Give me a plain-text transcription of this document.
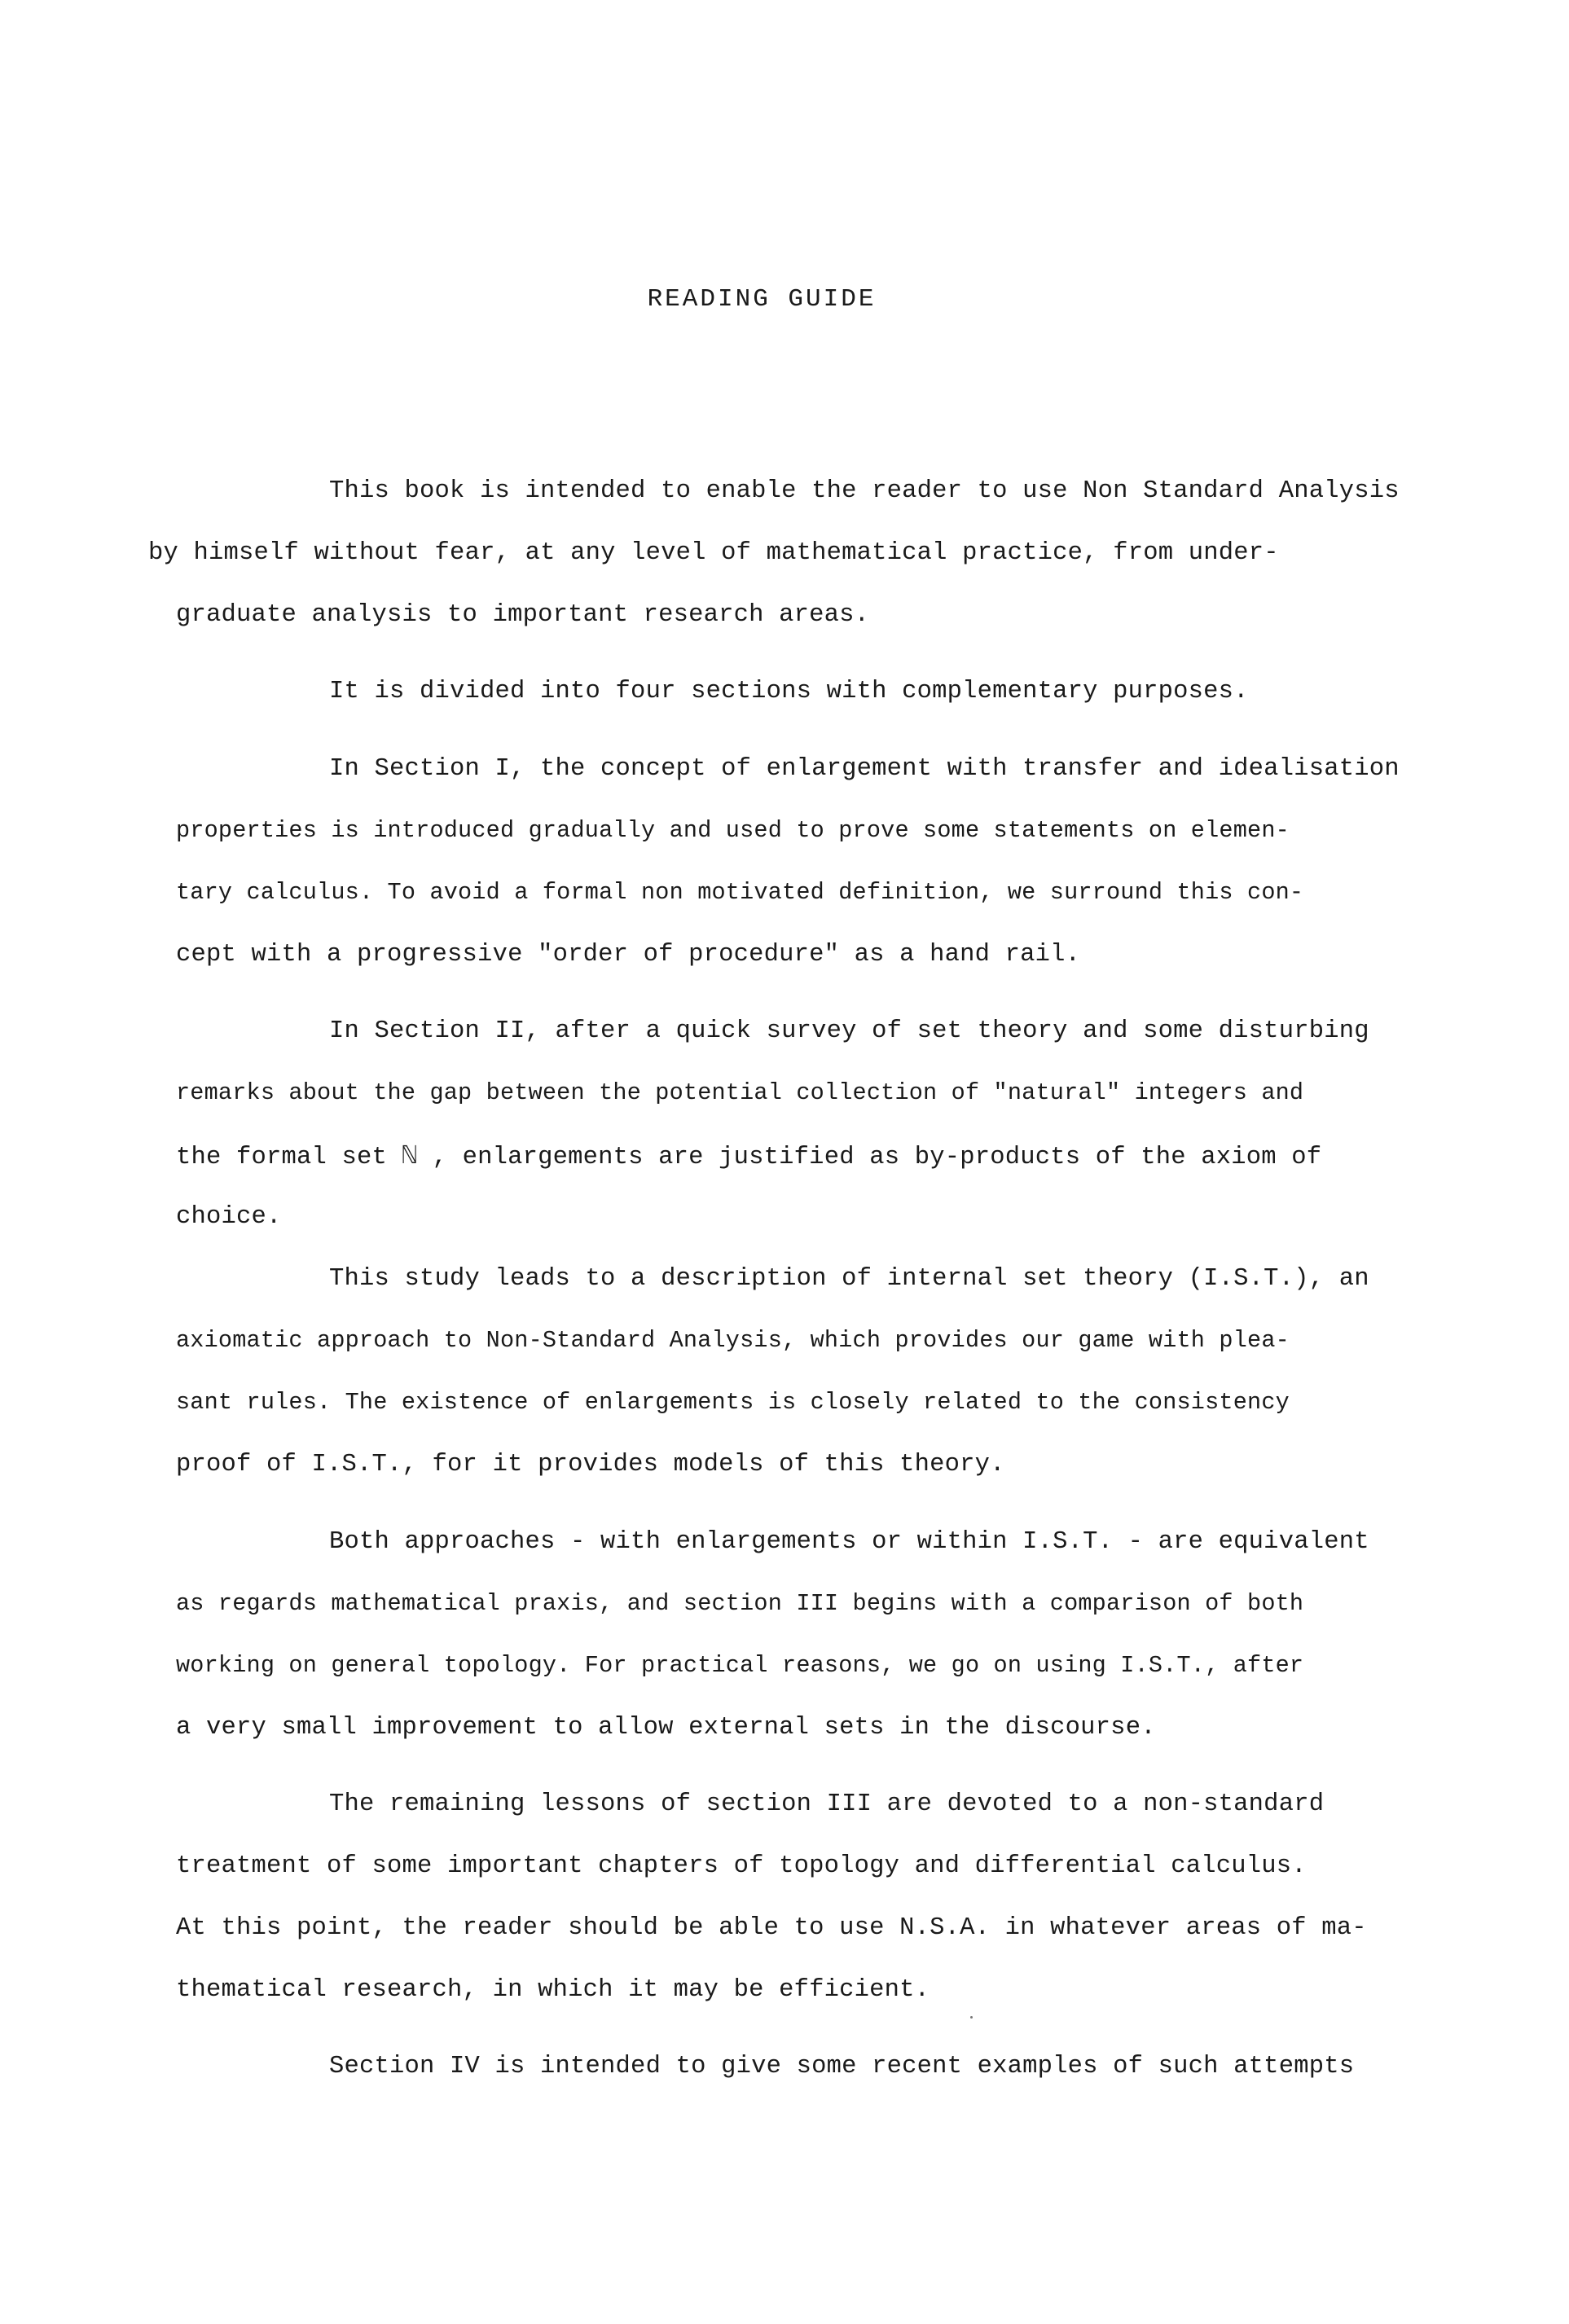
READING GUIDE
This book is intended to enable the reader to use Non Standard Analysis
by himself without fear, at any level of mathematical practice, from under-
graduate analysis to important research areas.
It is divided into four sections with complementary purposes.
In Section I, the concept of enlargement with transfer and idealisation
properties is introduced gradually and used to prove some statements on elemen-
tary calculus. To avoid a formal non motivated definition, we surround this con-
cept with a progressive "order of procedure" as a hand rail.
In Section II, after a quick survey of set theory and some disturbing
remarks about the gap between the potential collection of "natural" integers and
the formal set ℕ , enlargements are justified as by-products of the axiom of
choice.
This study leads to a description of internal set theory (I.S.T.), an
axiomatic approach to Non-Standard Analysis, which provides our game with plea-
sant rules. The existence of enlargements is closely related to the consistency
proof of I.S.T., for it provides models of this theory.
Both approaches - with enlargements or within I.S.T. - are equivalent
as regards mathematical praxis, and section III begins with a comparison of both
working on general topology. For practical reasons, we go on using I.S.T., after
a very small improvement to allow external sets in the discourse.
The remaining lessons of section III are devoted to a non-standard
treatment of some important chapters of topology and differential calculus.
At this point, the reader should be able to use N.S.A. in whatever areas of ma-
thematical research, in which it may be efficient.
Section IV is intended to give some recent examples of such attempts
